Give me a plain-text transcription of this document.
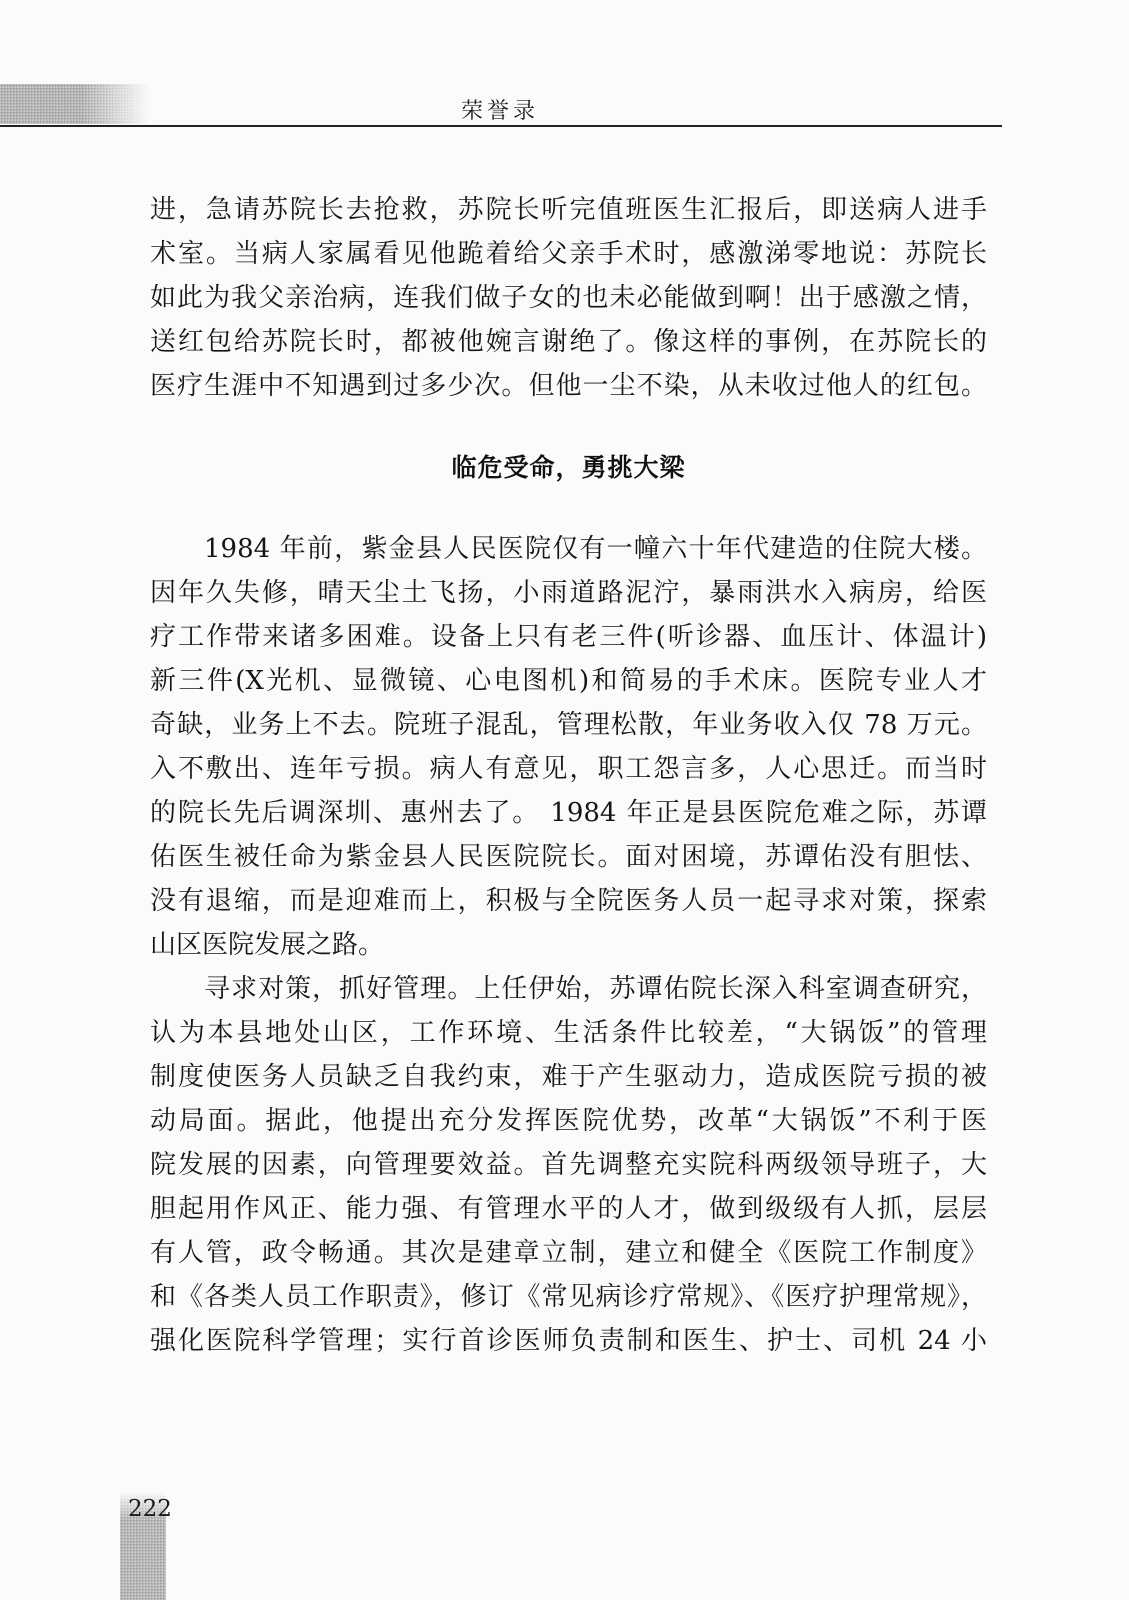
荣誉录
进，急请苏院长去抢救，苏院长听完值班医生汇报后，即送病人进手
术室。当病人家属看见他跪着给父亲手术时，感激涕零地说：苏院长
如此为我父亲治病，连我们做子女的也未必能做到啊！出于感激之情，
送红包给苏院长时，都被他婉言谢绝了。像这样的事例，在苏院长的
医疗生涯中不知遇到过多少次。但他一尘不染，从未收过他人的红包。
临危受命，勇挑大梁
1984 年前，紫金县人民医院仅有一幢六十年代建造的住院大楼。
因年久失修，晴天尘土飞扬，小雨道路泥泞，暴雨洪水入病房，给医
疗工作带来诸多困难。设备上只有老三件(听诊器、血压计、体温计)
新三件(X光机、显微镜、心电图机)和简易的手术床。医院专业人才
奇缺，业务上不去。院班子混乱，管理松散，年业务收入仅 78 万元。
入不敷出、连年亏损。病人有意见，职工怨言多，人心思迁。而当时
的院长先后调深圳、惠州去了。 1984 年正是县医院危难之际，苏谭
佑医生被任命为紫金县人民医院院长。面对困境，苏谭佑没有胆怯、
没有退缩，而是迎难而上，积极与全院医务人员一起寻求对策，探索
山区医院发展之路。
寻求对策，抓好管理。上任伊始，苏谭佑院长深入科室调查研究，
认为本县地处山区，工作环境、生活条件比较差，“大锅饭”的管理
制度使医务人员缺乏自我约束，难于产生驱动力，造成医院亏损的被
动局面。据此，他提出充分发挥医院优势，改革“大锅饭”不利于医
院发展的因素，向管理要效益。首先调整充实院科两级领导班子，大
胆起用作风正、能力强、有管理水平的人才，做到级级有人抓，层层
有人管，政令畅通。其次是建章立制，建立和健全《医院工作制度》
和《各类人员工作职责》，修订《常见病诊疗常规》、《医疗护理常规》，
强化医院科学管理；实行首诊医师负责制和医生、护士、司机 24 小
222
